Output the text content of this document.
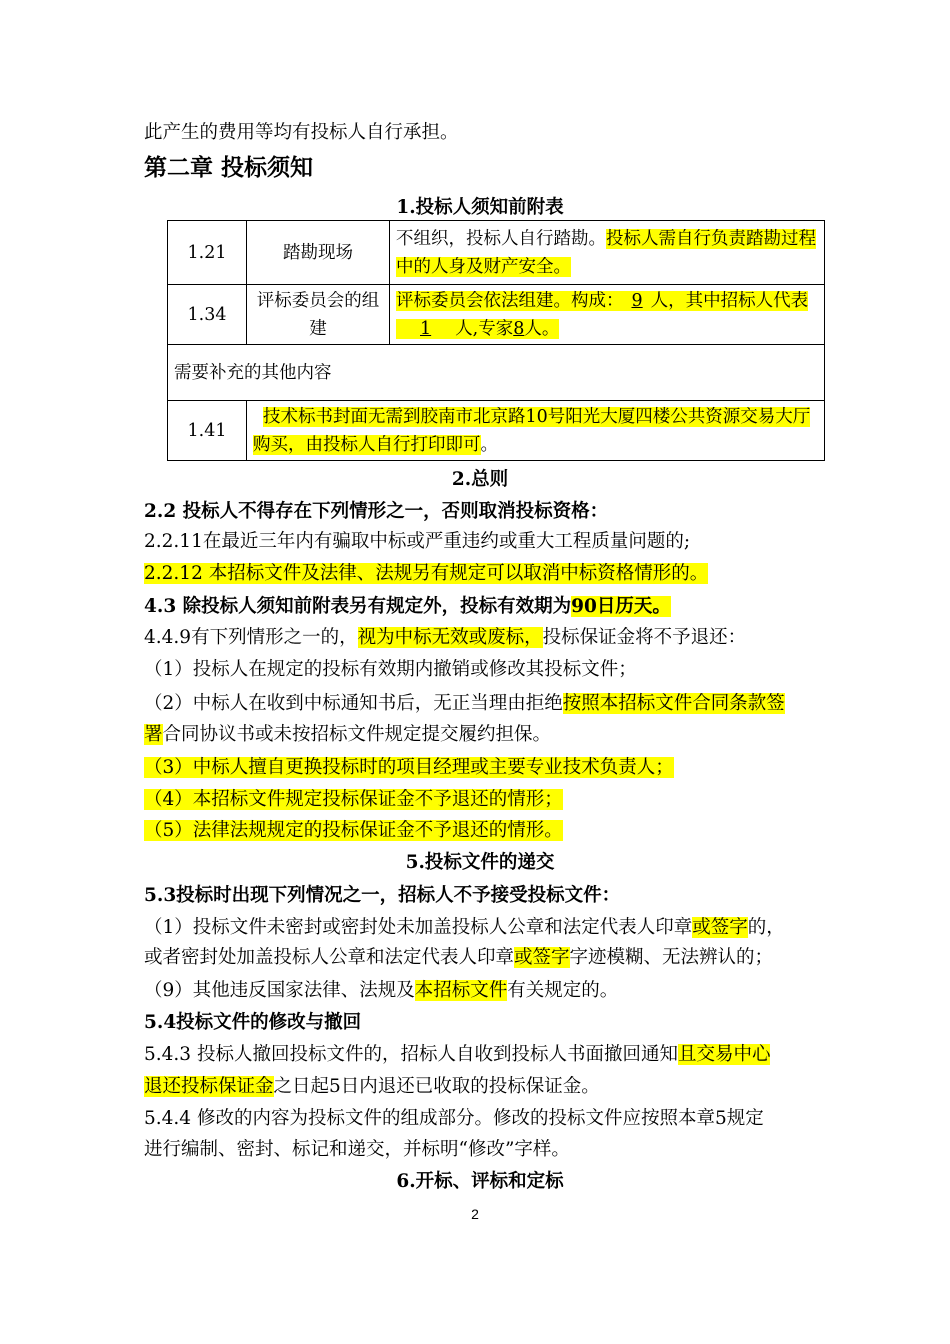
此产生的费用等均有投标人自行承担。
第二章 投标须知
1.投标人须知前附表
1.21	踏勘现场	不组织，投标人自行踏勘。投标人需自行负责踏勘过程中的人身及财产安全。
1.34	评标委员会的组建	评标委员会依法组建。构成： 9 人，其中招标人代表1 人,专家8人。
需要补充的其他内容		
1.41	技术标书封面无需到胶南市北京路10号阳光大厦四楼公共资源交易大厅购买，由投标人自行打印即可。	
2.总则
2.2 投标人不得存在下列情形之一，否则取消投标资格：
2.2.11在最近三年内有骗取中标或严重违约或重大工程质量问题的;
2.2.12 本招标文件及法律、法规另有规定可以取消中标资格情形的。
4.3 除投标人须知前附表另有规定外，投标有效期为90日历天。
4.4.9有下列情形之一的，视为中标无效或废标，投标保证金将不予退还：
（1）投标人在规定的投标有效期内撤销或修改其投标文件；
（2）中标人在收到中标通知书后，无正当理由拒绝按照本招标文件合同条款签
署合同协议书或未按招标文件规定提交履约担保。
（3）中标人擅自更换投标时的项目经理或主要专业技术负责人；
（4）本招标文件规定投标保证金不予退还的情形；
（5）法律法规规定的投标保证金不予退还的情形。
5.投标文件的递交
5.3投标时出现下列情况之一，招标人不予接受投标文件：
（1）投标文件未密封或密封处未加盖投标人公章和法定代表人印章或签字的，
或者密封处加盖投标人公章和法定代表人印章或签字字迹模糊、无法辨认的；
（9）其他违反国家法律、法规及本招标文件有关规定的。
5.4投标文件的修改与撤回
5.4.3 投标人撤回投标文件的，招标人自收到投标人书面撤回通知且交易中心
退还投标保证金之日起5日内退还已收取的投标保证金。
5.4.4 修改的内容为投标文件的组成部分。修改的投标文件应按照本章5规定
进行编制、密封、标记和递交，并标明“修改”字样。
6.开标、评标和定标
2
